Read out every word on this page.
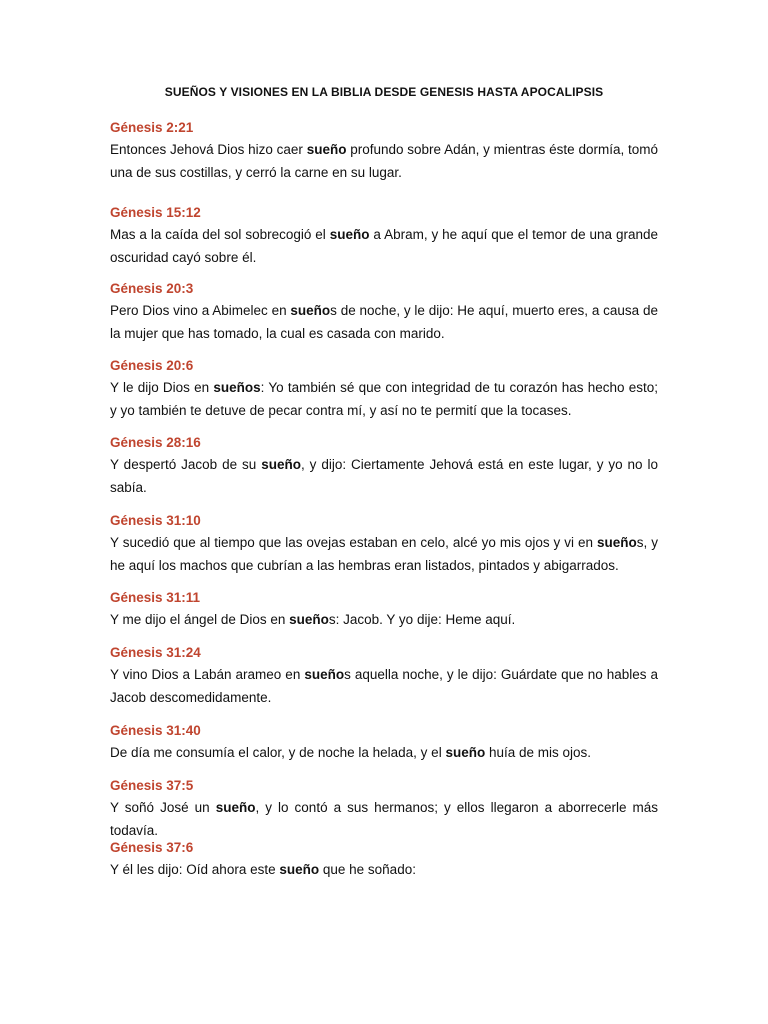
SUEÑOS Y VISIONES EN LA BIBLIA DESDE GENESIS HASTA APOCALIPSIS
Génesis 2:21

Entonces Jehová Dios hizo caer sueño profundo sobre Adán, y mientras éste dormía, tomó una de sus costillas, y cerró la carne en su lugar.

Génesis 15:12

Mas a la caída del sol sobrecogió el sueño a Abram, y he aquí que el temor de una grande oscuridad cayó sobre él.

Génesis 20:3

Pero Dios vino a Abimelec en sueños de noche, y le dijo: He aquí, muerto eres, a causa de la mujer que has tomado, la cual es casada con marido.

Génesis 20:6

Y le dijo Dios en sueños: Yo también sé que con integridad de tu corazón has hecho esto; y yo también te detuve de pecar contra mí, y así no te permití que la tocases.

Génesis 28:16

Y despertó Jacob de su sueño, y dijo: Ciertamente Jehová está en este lugar, y yo no lo sabía.

Génesis 31:10

Y sucedió que al tiempo que las ovejas estaban en celo, alcé yo mis ojos y vi en sueños, y he aquí los machos que cubrían a las hembras eran listados, pintados y abigarrados.

Génesis 31:11

Y me dijo el ángel de Dios en sueños: Jacob. Y yo dije: Heme aquí.

Génesis 31:24

Y vino Dios a Labán arameo en sueños aquella noche, y le dijo: Guárdate que no hables a Jacob descomedidamente.

Génesis 31:40

De día me consumía el calor, y de noche la helada, y el sueño huía de mis ojos.

Génesis 37:5

Y soñó José un sueño, y lo contó a sus hermanos; y ellos llegaron a aborrecerle más todavía.

Génesis 37:6

Y él les dijo: Oíd ahora este sueño que he soñado:
